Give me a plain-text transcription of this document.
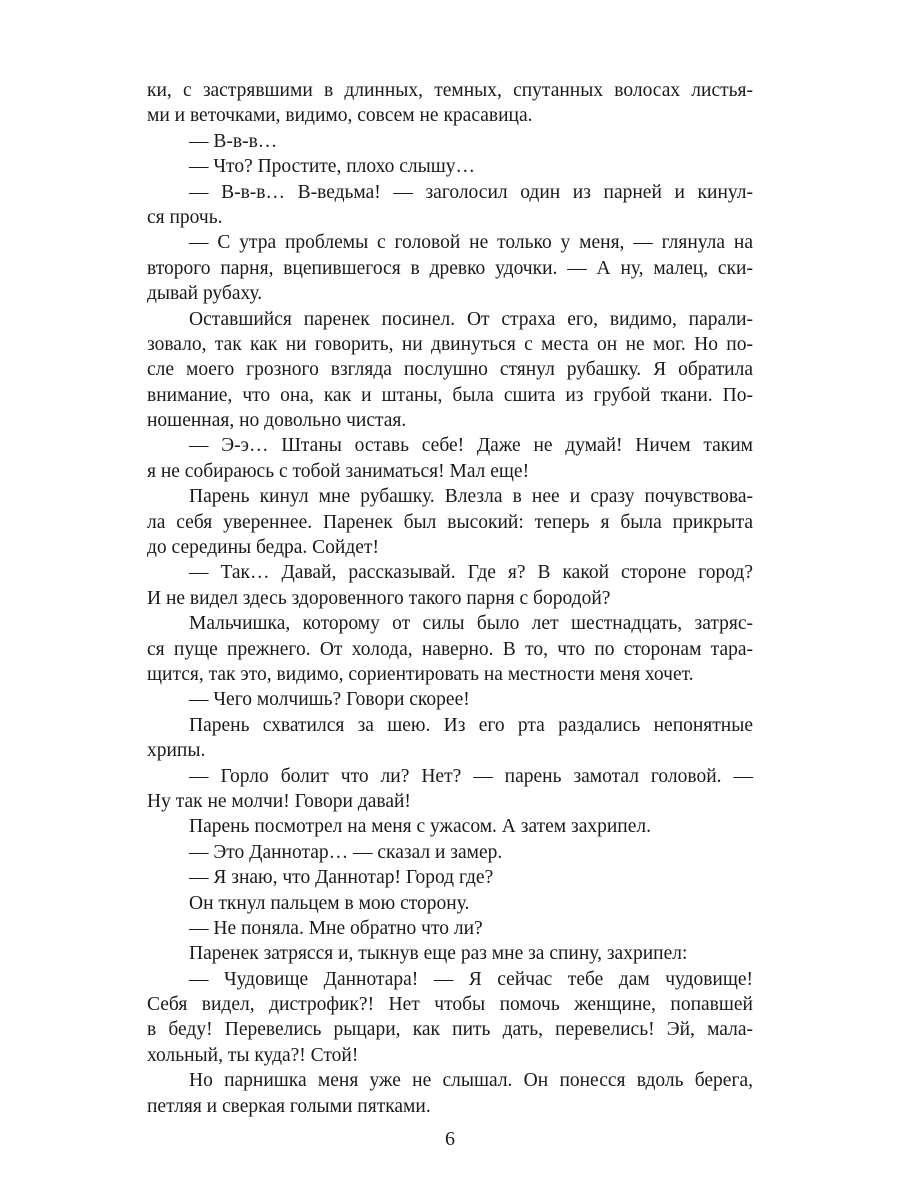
ки, с застрявшими в длинных, темных, спутанных волосах листья-
ми и веточками, видимо, совсем не красавица.
— В-в-в…
— Что? Простите, плохо слышу…
— В-в-в… В-ведьма! — заголосил один из парней и кинул-
ся прочь.
— С утра проблемы с головой не только у меня, — глянула на
второго парня, вцепившегося в древко удочки. — А ну, малец, ски-
дывай рубаху.
Оставшийся паренек посинел. От страха его, видимо, парали-
зовало, так как ни говорить, ни двинуться с места он не мог. Но по-
сле моего грозного взгляда послушно стянул рубашку. Я обратила
внимание, что она, как и штаны, была сшита из грубой ткани. По-
ношенная, но довольно чистая.
— Э-э… Штаны оставь себе! Даже не думай! Ничем таким
я не собираюсь с тобой заниматься! Мал еще!
Парень кинул мне рубашку. Влезла в нее и сразу почувствова-
ла себя увереннее. Паренек был высокий: теперь я была прикрыта
до середины бедра. Сойдет!
— Так… Давай, рассказывай. Где я? В какой стороне город?
И не видел здесь здоровенного такого парня с бородой?
Мальчишка, которому от силы было лет шестнадцать, затряс-
ся пуще прежнего. От холода, наверно. В то, что по сторонам тара-
щится, так это, видимо, сориентировать на местности меня хочет.
— Чего молчишь? Говори скорее!
Парень схватился за шею. Из его рта раздались непонятные
хрипы.
— Горло болит что ли? Нет? — парень замотал головой. —
Ну так не молчи! Говори давай!
Парень посмотрел на меня с ужасом. А затем захрипел.
— Это Даннотар… — сказал и замер.
— Я знаю, что Даннотар! Город где?
Он ткнул пальцем в мою сторону.
— Не поняла. Мне обратно что ли?
Паренек затрясся и, тыкнув еще раз мне за спину, захрипел:
— Чудовище Даннотара! — Я сейчас тебе дам чудовище!
Себя видел, дистрофик?! Нет чтобы помочь женщине, попавшей
в беду! Перевелись рыцари, как пить дать, перевелись! Эй, мала-
хольный, ты куда?! Стой!
Но парнишка меня уже не слышал. Он понесся вдоль берега,
петляя и сверкая голыми пятками.
6
